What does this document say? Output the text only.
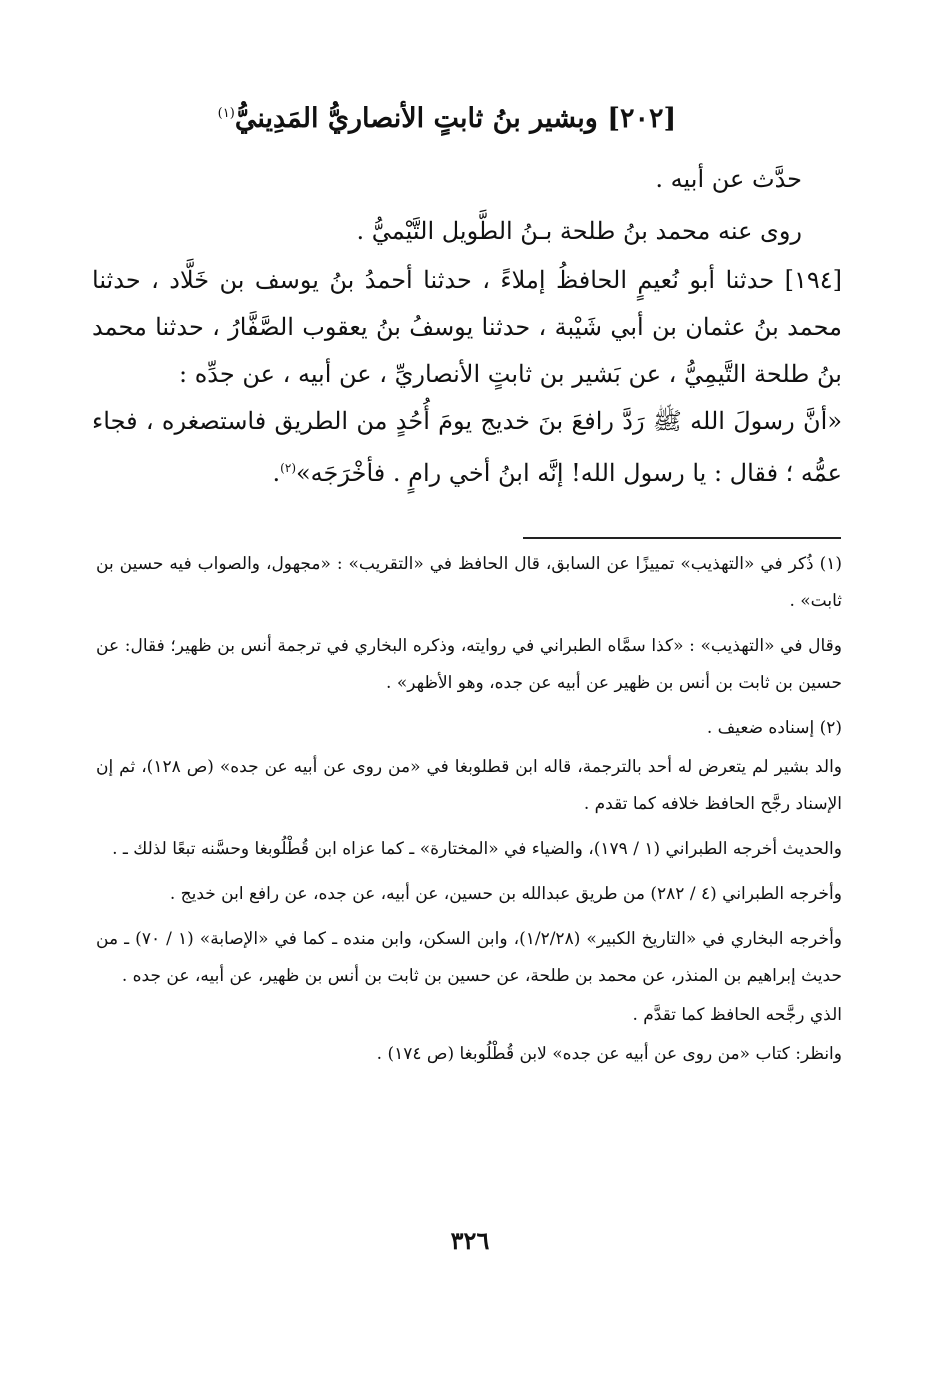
[٢٠٢] وبشير بنُ ثابتٍ الأنصاريُّ المَدِينيُّ$^{(١)}$

حدَّث عن أبيه .

روى عنه محمد بنُ طلحة بـنُ الطَّويل التَّيْميُّ .

[١٩٤] حدثنا أبو نُعيمٍ الحافظُ إملاءً ، حدثنا أحمدُ بنُ يوسف بن خَلَّاد ، حدثنا محمد بنُ عثمان بن أبي شَيْبة ، حدثنا يوسفُ بنُ يعقوب الصَّفَّارُ ، حدثنا محمد بنُ طلحة التَّيمِيُّ ، عن بَشير بن ثابتٍ الأنصاريِّ ، عن أبيه ، عن جدِّه :

«أنَّ رسولَ الله ﷺ رَدَّ رافعَ بنَ خديج يومَ أُحُدٍ من الطريق فاستصغره ، فجاء عمُّه ؛ فقال : يا رسول الله! إنَّه ابنُ أخي رامٍ . فأخْرَجَه»$^{(٢)}$.

(١) ذُكر في «التهذيب» تمييزًا عن السابق، قال الحافظ في «التقريب» : «مجهول، والصواب فيه حسين بن ثابت» .

وقال في «التهذيب» : «كذا سمَّاه الطبراني في روايته، وذكره البخاري في ترجمة أنس بن ظهير؛ فقال: عن حسين بن ثابت بن أنس بن ظهير عن أبيه عن جده، وهو الأظهر» .

(٢) إسناده ضعيف .

والد بشير لم يتعرض له أحد بالترجمة، قاله ابن قطلوبغا في «من روى عن أبيه عن جده» (ص ١٢٨)، ثم إن الإسناد رجَّح الحافظ خلافه كما تقدم .

والحديث أخرجه الطبراني (١ / ١٧٩)، والضياء في «المختارة» ـ كما عزاه ابن قُطْلُوبغا وحسَّنه تبعًا لذلك ـ .

وأخرجه الطبراني (٤ / ٢٨٢) من طريق عبدالله بن حسين، عن أبيه، عن جده، عن رافع ابن خديج .

وأخرجه البخاري في «التاريخ الكبير» (١/٢/٢٨)، وابن السكن، وابن منده ـ كما في «الإصابة» (١ / ٧٠) ـ من حديث إبراهيم بن المنذر، عن محمد بن طلحة، عن حسين بن ثابت بن أنس بن ظهير، عن أبيه، عن جده .

الذي رجَّحه الحافظ كما تقدَّم .

وانظر: كتاب «من روى عن أبيه عن جده» لابن قُطْلُوبغا (ص ١٧٤) .

٣٢٦
